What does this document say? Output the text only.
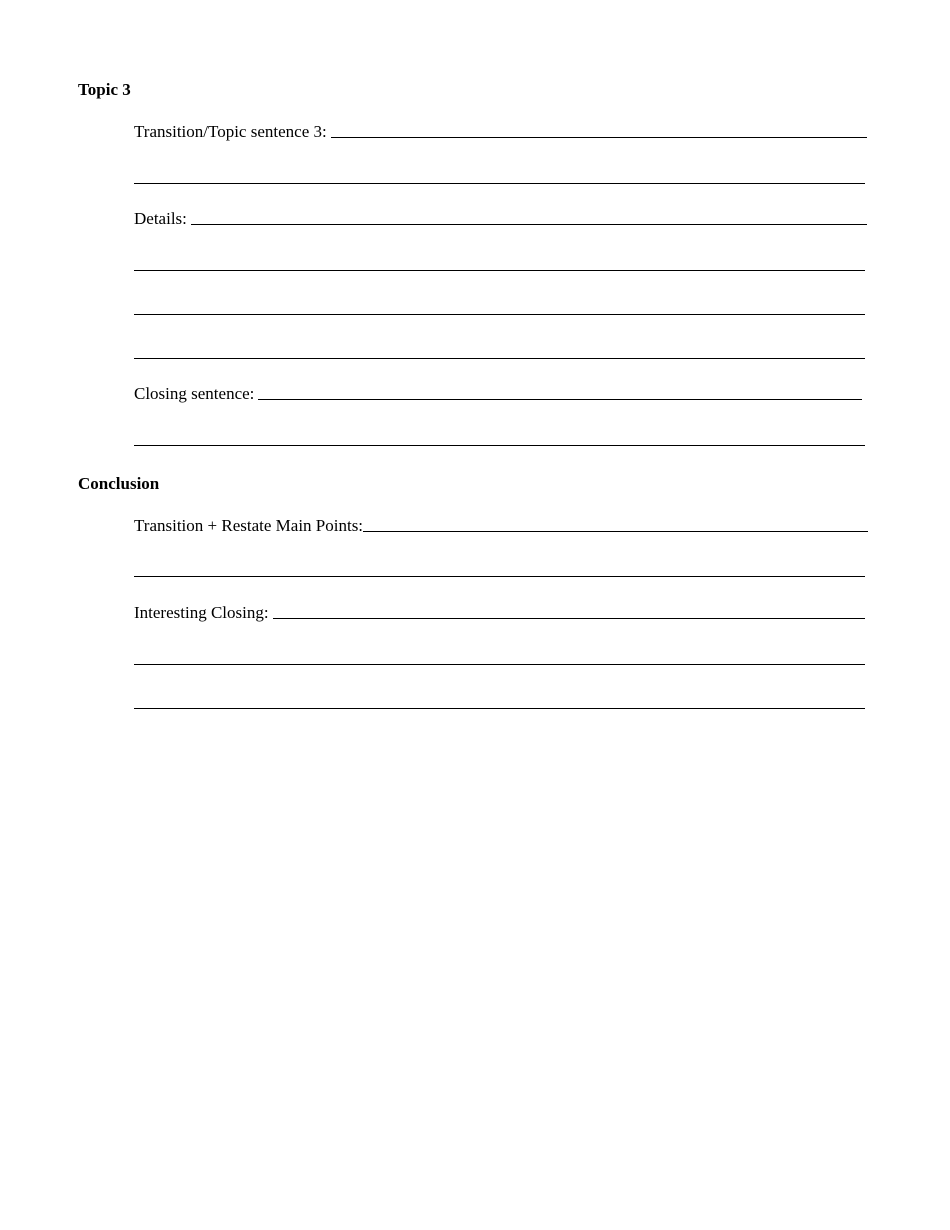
Topic 3
Transition/Topic sentence 3:
Details:
Closing sentence:
Conclusion
Transition + Restate Main Points:
Interesting Closing:
